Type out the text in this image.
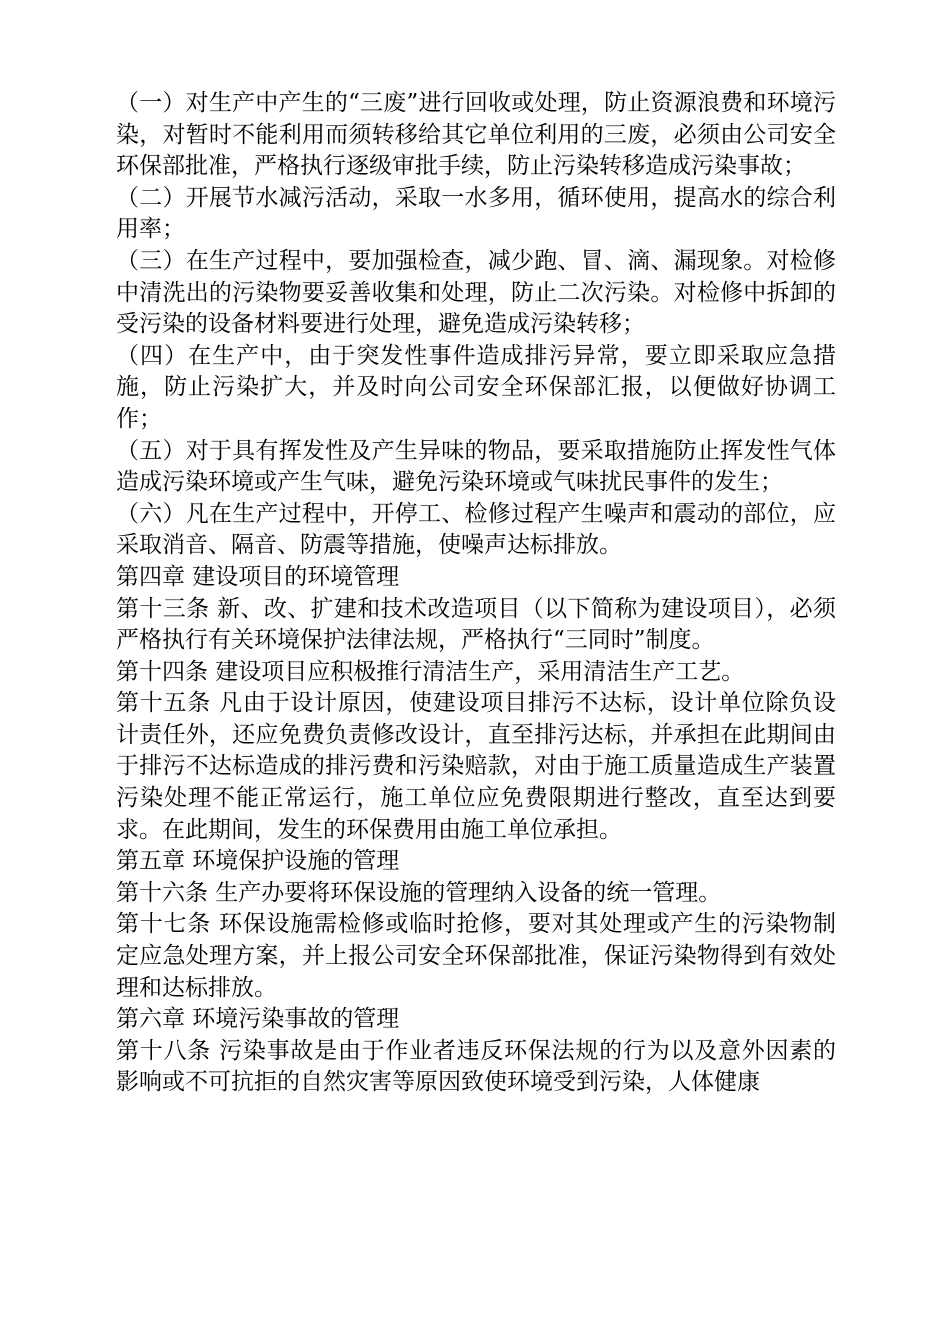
（一）对生产中产生的“三废”进行回收或处理，防止资源浪费和环境污染，对暂时不能利用而须转移给其它单位利用的三废，必须由公司安全环保部批准，严格执行逐级审批手续，防止污染转移造成污染事故；

（二）开展节水减污活动，采取一水多用，循环使用，提高水的综合利用率；

（三）在生产过程中，要加强检查，减少跑、冒、滴、漏现象。对检修中清洗出的污染物要妥善收集和处理，防止二次污染。对检修中拆卸的受污染的设备材料要进行处理，避免造成污染转移；

（四）在生产中，由于突发性事件造成排污异常，要立即采取应急措施，防止污染扩大，并及时向公司安全环保部汇报，以便做好协调工作；

（五）对于具有挥发性及产生异味的物品，要采取措施防止挥发性气体造成污染环境或产生气味，避免污染环境或气味扰民事件的发生；

（六）凡在生产过程中，开停工、检修过程产生噪声和震动的部位，应采取消音、隔音、防震等措施，使噪声达标排放。

第四章 建设项目的环境管理

第十三条 新、改、扩建和技术改造项目（以下简称为建设项目），必须严格执行有关环境保护法律法规，严格执行“三同时”制度。

第十四条 建设项目应积极推行清洁生产，采用清洁生产工艺。

第十五条 凡由于设计原因，使建设项目排污不达标，设计单位除负设计责任外，还应免费负责修改设计，直至排污达标，并承担在此期间由于排污不达标造成的排污费和污染赔款，对由于施工质量造成生产装置污染处理不能正常运行，施工单位应免费限期进行整改，直至达到要求。在此期间，发生的环保费用由施工单位承担。

第五章 环境保护设施的管理

第十六条 生产办要将环保设施的管理纳入设备的统一管理。

第十七条 环保设施需检修或临时抢修，要对其处理或产生的污染物制定应急处理方案，并上报公司安全环保部批准，保证污染物得到有效处理和达标排放。

第六章 环境污染事故的管理

第十八条 污染事故是由于作业者违反环保法规的行为以及意外因素的影响或不可抗拒的自然灾害等原因致使环境受到污染，人体健康
